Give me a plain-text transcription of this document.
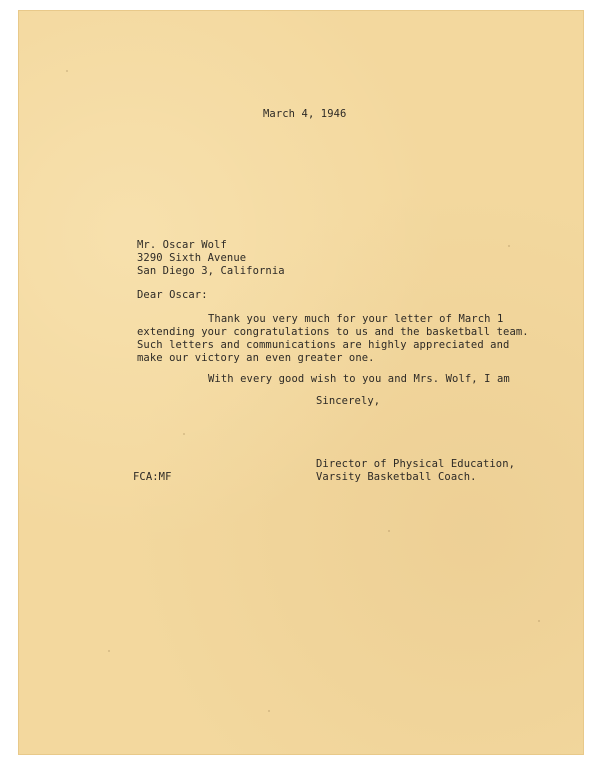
March 4, 1946
Mr. Oscar Wolf
3290 Sixth Avenue
San Diego 3, California
Dear Oscar:
Thank you very much for your letter of March 1
extending your congratulations to us and the basketball team.
Such letters and communications are highly appreciated and
make our victory an even greater one.
With every good wish to you and Mrs. Wolf, I am
Sincerely,
Director of Physical Education,
Varsity Basketball Coach.
FCA:MF
